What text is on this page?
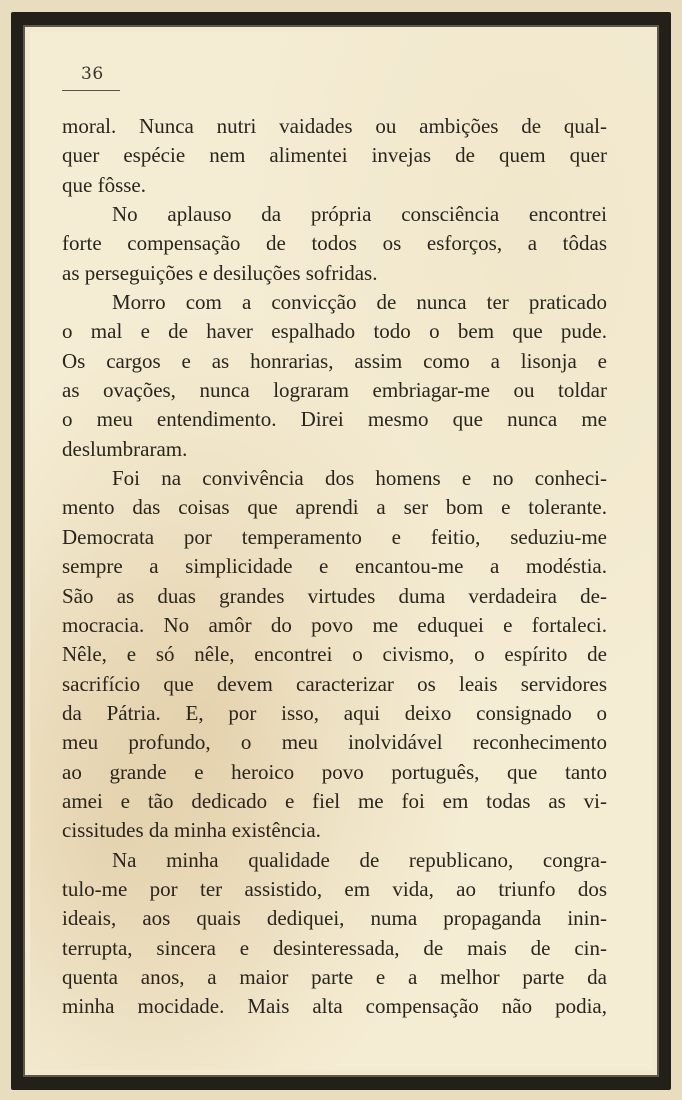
36
moral. Nunca nutri vaidades ou ambições de qual-
quer espécie nem alimentei invejas de quem quer
que fôsse.
No aplauso da própria consciência encontrei
forte compensação de todos os esforços, a tôdas
as perseguições e desiluções sofridas.
Morro com a convicção de nunca ter praticado
o mal e de haver espalhado todo o bem que pude.
Os cargos e as honrarias, assim como a lisonja e
as ovações, nunca lograram embriagar-me ou toldar
o meu entendimento. Direi mesmo que nunca me
deslumbraram.
Foi na convivência dos homens e no conheci-
mento das coisas que aprendi a ser bom e tolerante.
Democrata por temperamento e feitio, seduziu-me
sempre a simplicidade e encantou-me a modéstia.
São as duas grandes virtudes duma verdadeira de-
mocracia. No amôr do povo me eduquei e fortaleci.
Nêle, e só nêle, encontrei o civismo, o espírito de
sacrifício que devem caracterizar os leais servidores
da Pátria. E, por isso, aqui deixo consignado o
meu profundo, o meu inolvidável reconhecimento
ao grande e heroico povo português, que tanto
amei e tão dedicado e fiel me foi em todas as vi-
cissitudes da minha existência.
Na minha qualidade de republicano, congra-
tulo-me por ter assistido, em vida, ao triunfo dos
ideais, aos quais dediquei, numa propaganda inin-
terrupta, sincera e desinteressada, de mais de cin-
quenta anos, a maior parte e a melhor parte da
minha mocidade. Mais alta compensação não podia,
